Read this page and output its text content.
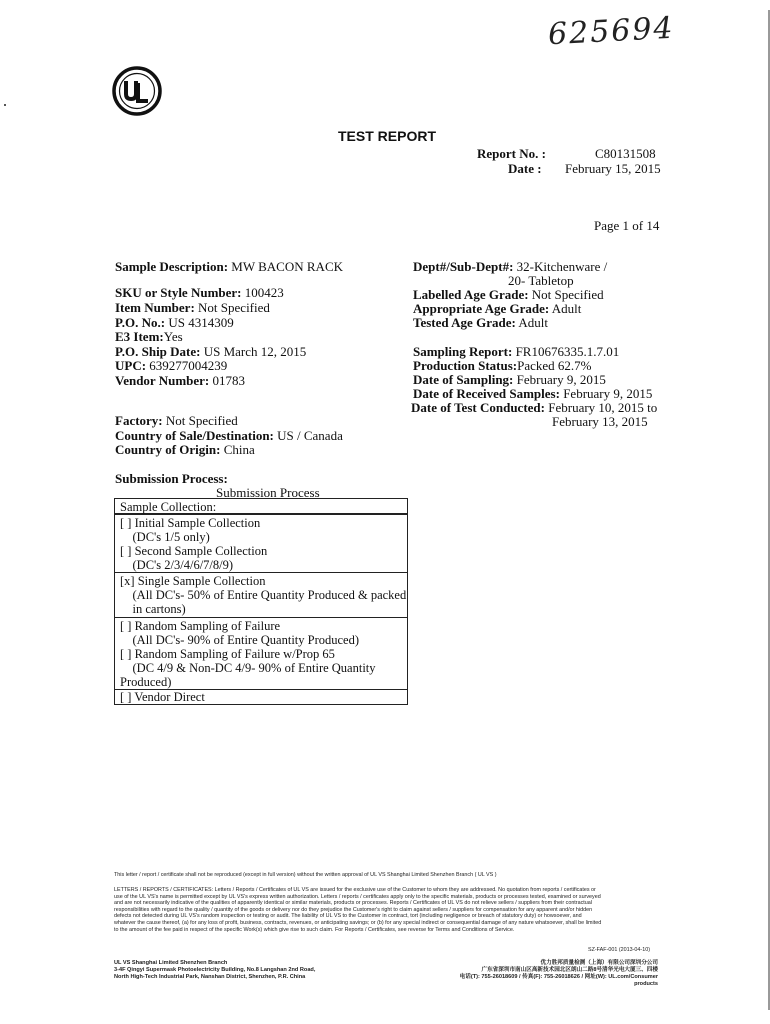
625694
TEST REPORT
Report No. :	C80131508
Date : February 15, 2015
Page 1 of 14
Sample Description: MW BACON RACK
SKU or Style Number: 100423
Item Number: Not Specified
P.O. No.: US 4314309
E3 Item:Yes
P.O. Ship Date: US March 12, 2015
UPC: 639277004239
Vendor Number: 01783
Factory: Not Specified
Country of Sale/Destination: US / Canada
Country of Origin: China
Dept#/Sub-Dept#: 32-Kitchenware /
20- Tabletop
Labelled Age Grade: Not Specified
Appropriate Age Grade: Adult
Tested Age Grade: Adult
Sampling Report: FR10676335.1.7.01
Production Status:Packed 62.7%
Date of Sampling: February 9, 2015
Date of Received Samples: February 9, 2015
Date of Test Conducted: February 10, 2015 to
February 13, 2015
Submission Process:
Submission Process
Sample Collection:
[ ] Initial Sample Collection
(DC's 1/5 only)
[ ] Second Sample Collection
(DC's 2/3/4/6/7/8/9)
[x] Single Sample Collection
(All DC's- 50% of Entire Quantity Produced & packed
in cartons)
[ ] Random Sampling of Failure
(All DC's- 90% of Entire Quantity Produced)
[ ] Random Sampling of Failure w/Prop 65
(DC 4/9 & Non-DC 4/9- 90% of Entire Quantity
Produced)
[ ] Vendor Direct
This letter / report / certificate shall not be reproduced (except in full version) without the written approval of UL VS Shanghai Limited Shenzhen Branch ( UL VS )
LETTERS / REPORTS / CERTIFICATES: Letters / Reports / Certificates of UL VS are issued for the exclusive use of the Customer to whom they are addressed. No quotation from reports / certificates or
use of the UL VS's name is permitted except by UL VS's express written authorization. Letters / reports / certificates apply only to the specific materials, products or processes tested, examined or surveyed
and are not necessarily indicative of the qualities of apparently identical or similar materials, products or processes. Reports / Certificates of UL VS do not relieve sellers / suppliers from their contractual
responsibilities with regard to the quality / quantity of the goods or delivery nor do they prejudice the Customer's right to claim against sellers / suppliers for compensation for any apparent and/or hidden
defects not detected during UL VS's random inspection or testing or audit. The liability of UL VS to the Customer in contract, tort (including negligence or breach of statutory duty) or howsoever, and
whatever the cause thereof, (a) for any loss of profit, business, contracts, revenues, or anticipating savings; or (b) for any special indirect or consequential damage of any nature whatsoever, shall be limited
to the amount of the fee paid in respect of the specific Work(s) which give rise to such claim. For Reports / Certificates, see reverse for Terms and Conditions of Service.
SZ-FAF-001 (2013-04-10)
UL VS Shanghai Limited Shenzhen Branch
3-4F Qingyi Supermask Photoelectricity Building, No.8 Langshan 2nd Road,
North High-Tech Industrial Park, Nanshan District, Shenzhen, P.R. China
优力胜邦质量检测（上海）有限公司深圳分公司
广东省深圳市南山区高新技术园北区朗山二路8号清华光电大厦三、四楼
电话(T): 755-26018609 / 传真(F): 755-26018626 / 网址(W): UL.com/Consumer products
